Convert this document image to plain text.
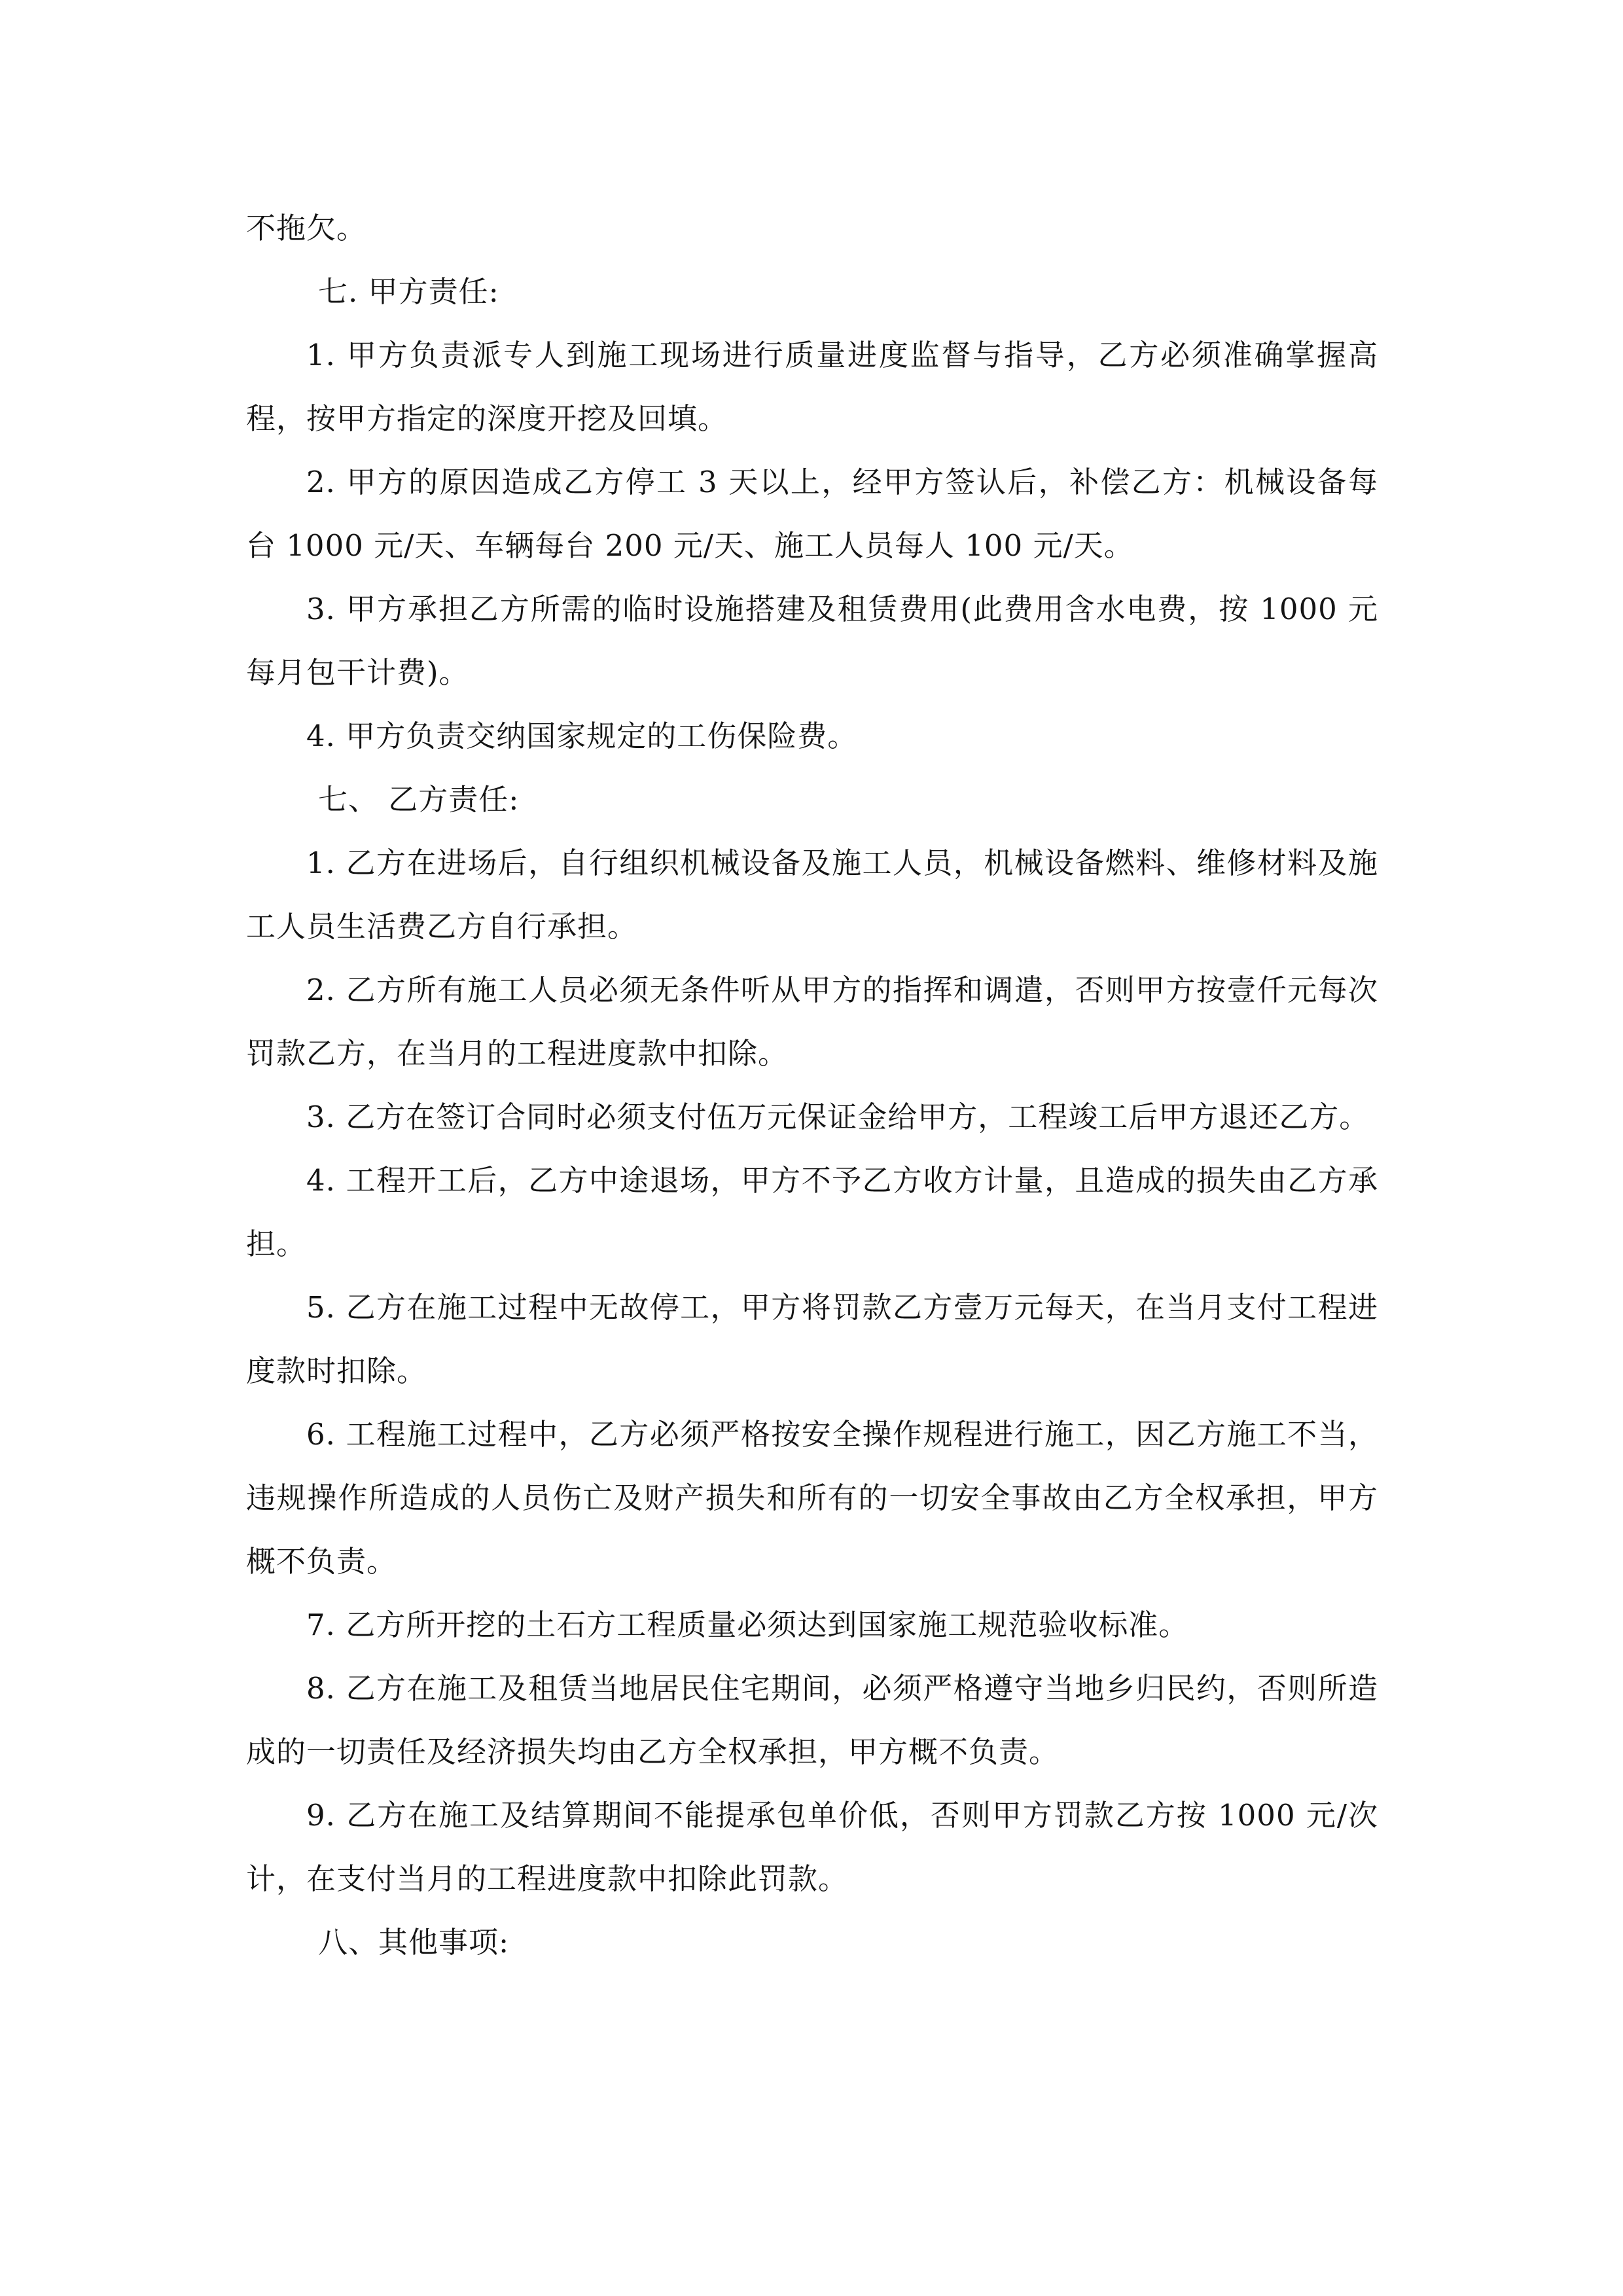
不拖欠。

七. 甲方责任:

1. 甲方负责派专人到施工现场进行质量进度监督与指导，乙方必须准确掌握高程，按甲方指定的深度开挖及回填。

2. 甲方的原因造成乙方停工 3 天以上，经甲方签认后，补偿乙方：机械设备每台 1000 元/天、车辆每台 200 元/天、施工人员每人 100 元/天。

3. 甲方承担乙方所需的临时设施搭建及租赁费用(此费用含水电费，按 1000 元每月包干计费)。

4. 甲方负责交纳国家规定的工伤保险费。

七、 乙方责任:

1. 乙方在进场后，自行组织机械设备及施工人员，机械设备燃料、维修材料及施工人员生活费乙方自行承担。

2. 乙方所有施工人员必须无条件听从甲方的指挥和调遣，否则甲方按壹仟元每次罚款乙方，在当月的工程进度款中扣除。

3. 乙方在签订合同时必须支付伍万元保证金给甲方，工程竣工后甲方退还乙方。

4. 工程开工后，乙方中途退场，甲方不予乙方收方计量，且造成的损失由乙方承担。

5. 乙方在施工过程中无故停工，甲方将罚款乙方壹万元每天，在当月支付工程进度款时扣除。

6. 工程施工过程中，乙方必须严格按安全操作规程进行施工，因乙方施工不当，违规操作所造成的人员伤亡及财产损失和所有的一切安全事故由乙方全权承担，甲方概不负责。

7. 乙方所开挖的土石方工程质量必须达到国家施工规范验收标准。

8. 乙方在施工及租赁当地居民住宅期间，必须严格遵守当地乡归民约，否则所造成的一切责任及经济损失均由乙方全权承担，甲方概不负责。

9. 乙方在施工及结算期间不能提承包单价低，否则甲方罚款乙方按 1000 元/次计，在支付当月的工程进度款中扣除此罚款。

八、其他事项:
